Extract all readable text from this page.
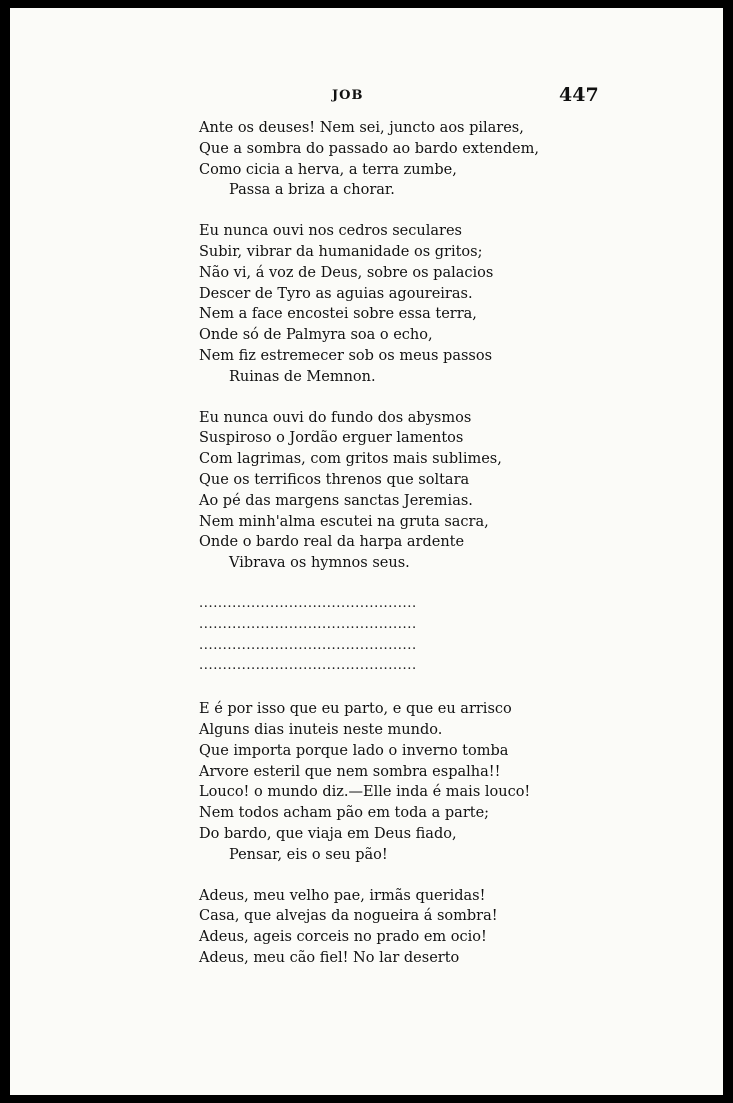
JOB	447
Ante os deuses! Nem sei, juncto aos pilares,
Que a sombra do passado ao bardo extendem,
Como cicia a herva, a terra zumbe,
Passa a briza a chorar.
Eu nunca ouvi nos cedros seculares
Subir, vibrar da humanidade os gritos;
Não vi, á voz de Deus, sobre os palacios
Descer de Tyro as aguias agoureiras.
Nem a face encostei sobre essa terra,
Onde só de Palmyra soa o echo,
Nem fiz estremecer sob os meus passos
Ruinas de Memnon.
Eu nunca ouvi do fundo dos abysmos
Suspiroso o Jordão erguer lamentos
Com lagrimas, com gritos mais sublimes,
Que os terrificos threnos que soltara
Ao pé das margens sanctas Jeremias.
Nem minh'alma escutei na gruta sacra,
Onde o bardo real da harpa ardente
Vibrava os hymnos seus.
..............................................
..............................................
..............................................
..............................................
E é por isso que eu parto, e que eu arrisco
Alguns dias inuteis neste mundo.
Que importa porque lado o inverno tomba
Arvore esteril que nem sombra espalha!!
Louco! o mundo diz.—Elle inda é mais louco!
Nem todos acham pão em toda a parte;
Do bardo, que viaja em Deus fiado,
Pensar, eis o seu pão!
Adeus, meu velho pae, irmãs queridas!
Casa, que alvejas da nogueira á sombra!
Adeus, ageis corceis no prado em ocio!
Adeus, meu cão fiel! No lar deserto
